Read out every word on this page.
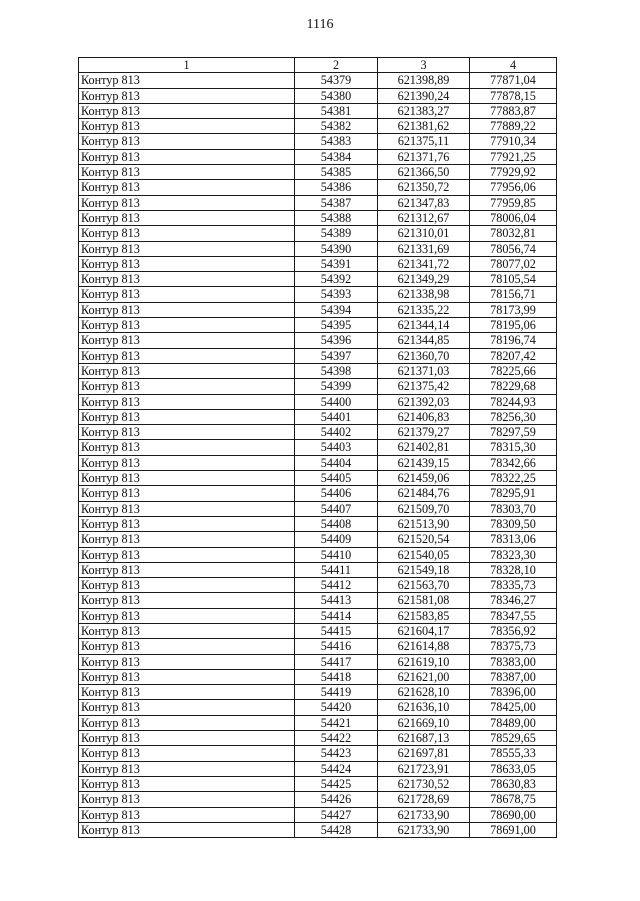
1116
1	2	3	4
Контур 813	54379	621398,89	77871,04
Контур 813	54380	621390,24	77878,15
Контур 813	54381	621383,27	77883,87
Контур 813	54382	621381,62	77889,22
Контур 813	54383	621375,11	77910,34
Контур 813	54384	621371,76	77921,25
Контур 813	54385	621366,50	77929,92
Контур 813	54386	621350,72	77956,06
Контур 813	54387	621347,83	77959,85
Контур 813	54388	621312,67	78006,04
Контур 813	54389	621310,01	78032,81
Контур 813	54390	621331,69	78056,74
Контур 813	54391	621341,72	78077,02
Контур 813	54392	621349,29	78105,54
Контур 813	54393	621338,98	78156,71
Контур 813	54394	621335,22	78173,99
Контур 813	54395	621344,14	78195,06
Контур 813	54396	621344,85	78196,74
Контур 813	54397	621360,70	78207,42
Контур 813	54398	621371,03	78225,66
Контур 813	54399	621375,42	78229,68
Контур 813	54400	621392,03	78244,93
Контур 813	54401	621406,83	78256,30
Контур 813	54402	621379,27	78297,59
Контур 813	54403	621402,81	78315,30
Контур 813	54404	621439,15	78342,66
Контур 813	54405	621459,06	78322,25
Контур 813	54406	621484,76	78295,91
Контур 813	54407	621509,70	78303,70
Контур 813	54408	621513,90	78309,50
Контур 813	54409	621520,54	78313,06
Контур 813	54410	621540,05	78323,30
Контур 813	54411	621549,18	78328,10
Контур 813	54412	621563,70	78335,73
Контур 813	54413	621581,08	78346,27
Контур 813	54414	621583,85	78347,55
Контур 813	54415	621604,17	78356,92
Контур 813	54416	621614,88	78375,73
Контур 813	54417	621619,10	78383,00
Контур 813	54418	621621,00	78387,00
Контур 813	54419	621628,10	78396,00
Контур 813	54420	621636,10	78425,00
Контур 813	54421	621669,10	78489,00
Контур 813	54422	621687,13	78529,65
Контур 813	54423	621697,81	78555,33
Контур 813	54424	621723,91	78633,05
Контур 813	54425	621730,52	78630,83
Контур 813	54426	621728,69	78678,75
Контур 813	54427	621733,90	78690,00
Контур 813	54428	621733,90	78691,00
